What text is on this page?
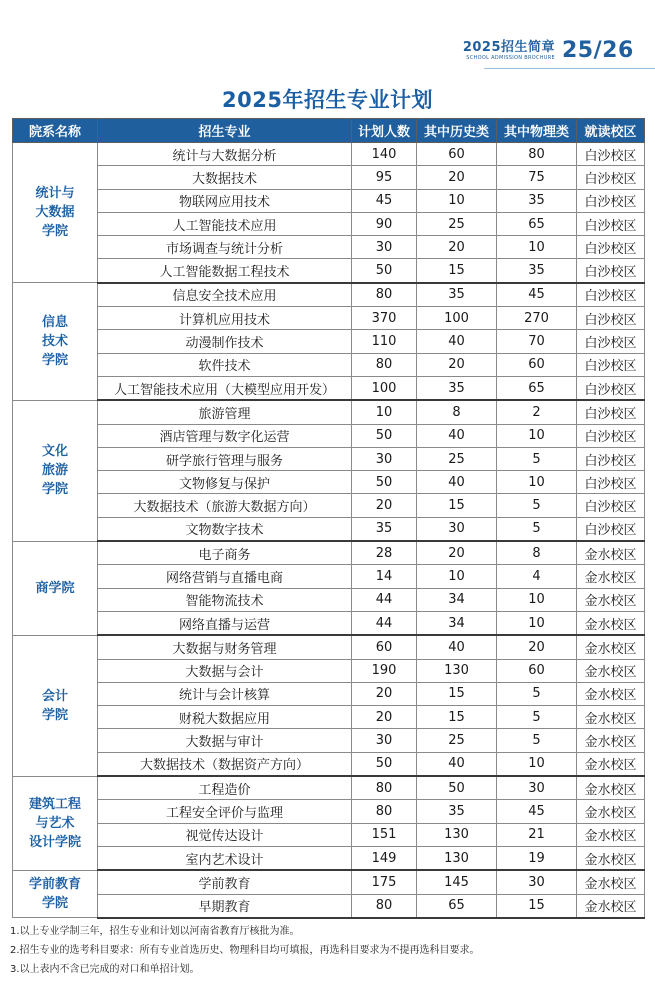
2025招生简章
SCHOOL ADMISSION BROCHURE 25/26
2025年招生专业计划
院系名称	招生专业	计划人数	其中历史类	其中物理类	就读校区
统计与
大数据
学院	统计与大数据分析	140	60	80	白沙校区
	大数据技术	95	20	75	白沙校区
	物联网应用技术	45	10	35	白沙校区
	人工智能技术应用	90	25	65	白沙校区
	市场调查与统计分析	30	20	10	白沙校区
	人工智能数据工程技术	50	15	35	白沙校区
信息
技术
学院	信息安全技术应用	80	35	45	白沙校区
	计算机应用技术	370	100	270	白沙校区
	动漫制作技术	110	40	70	白沙校区
	软件技术	80	20	60	白沙校区
	人工智能技术应用（大模型应用开发）	100	35	65	白沙校区
文化
旅游
学院	旅游管理	10	8	2	白沙校区
	酒店管理与数字化运营	50	40	10	白沙校区
	研学旅行管理与服务	30	25	5	白沙校区
	文物修复与保护	50	40	10	白沙校区
	大数据技术（旅游大数据方向）	20	15	5	白沙校区
	文物数字技术	35	30	5	白沙校区
商学院	电子商务	28	20	8	金水校区
	网络营销与直播电商	14	10	4	金水校区
	智能物流技术	44	34	10	金水校区
	网络直播与运营	44	34	10	金水校区
会计
学院	大数据与财务管理	60	40	20	金水校区
	大数据与会计	190	130	60	金水校区
	统计与会计核算	20	15	5	金水校区
	财税大数据应用	20	15	5	金水校区
	大数据与审计	30	25	5	金水校区
	大数据技术（数据资产方向）	50	40	10	金水校区
建筑工程
与艺术
设计学院	工程造价	80	50	30	金水校区
	工程安全评价与监理	80	35	45	金水校区
	视觉传达设计	151	130	21	金水校区
	室内艺术设计	149	130	19	金水校区
学前教育
学院	学前教育	175	145	30	金水校区
	早期教育	80	65	15	金水校区
1.以上专业学制三年，招生专业和计划以河南省教育厅核批为准。
2.招生专业的选考科目要求：所有专业首选历史、物理科目均可填报，再选科目要求为不提再选科目要求。
3.以上表内不含已完成的对口和单招计划。
